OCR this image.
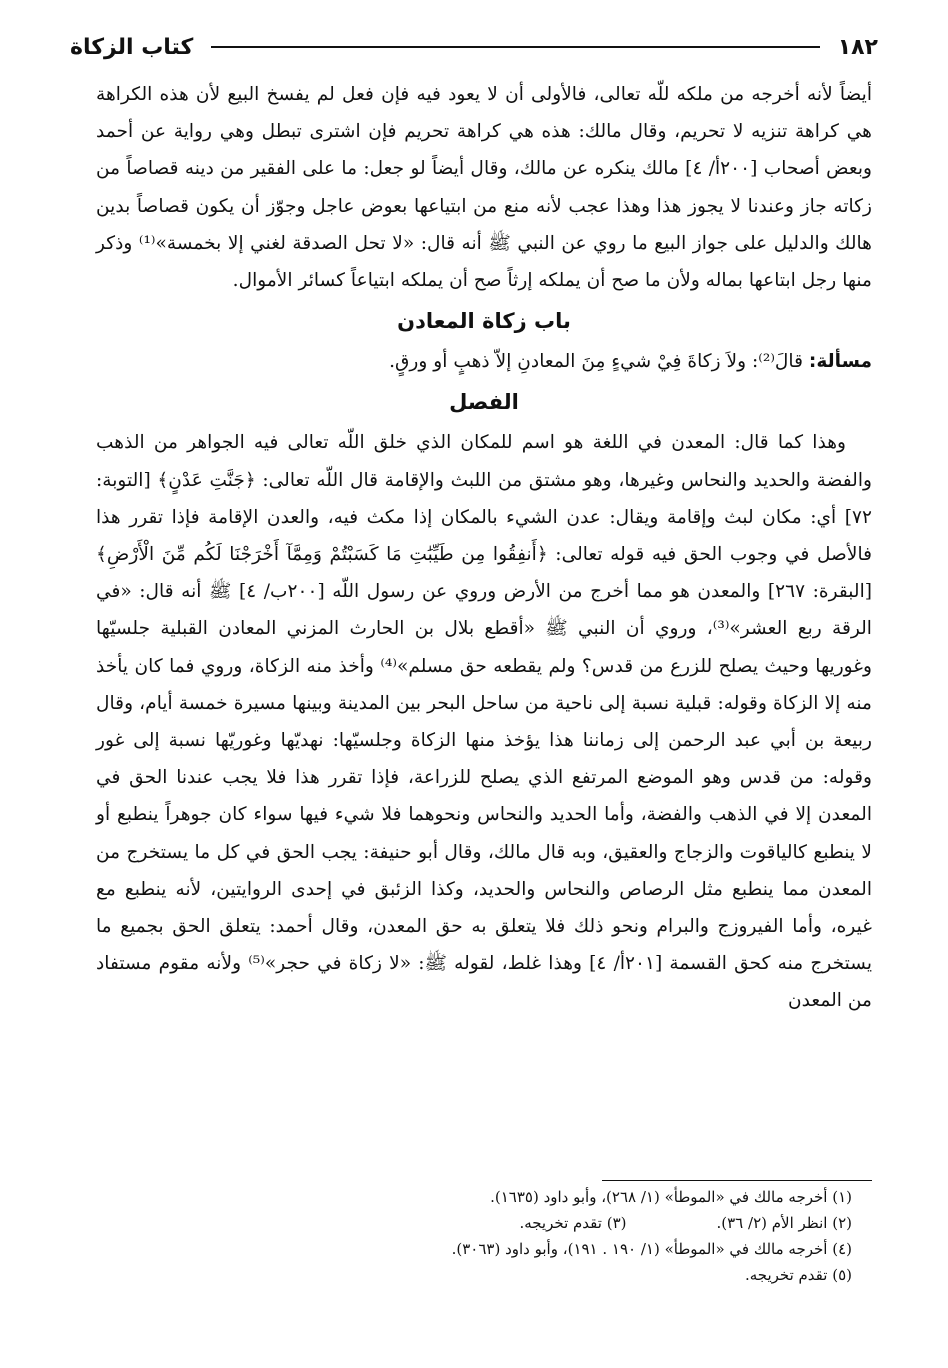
١٨٢
كتاب الزكاة

أيضاً لأنه أخرجه من ملكه للّه تعالى، فالأولى أن لا يعود فيه فإن فعل لم يفسخ البيع لأن هذه الكراهة هي كراهة تنزيه لا تحريم، وقال مالك: هذه هي كراهة تحريم فإن اشترى تبطل وهي رواية عن أحمد وبعض أصحاب [٢٠٠أ/ ٤] مالك ينكره عن مالك، وقال أيضاً لو جعل: ما على الفقير من دينه قصاصاً من زكاته جاز وعندنا لا يجوز هذا وهذا عجب لأنه منع من ابتياعها بعوض عاجل وجوّز أن يكون قصاصاً بدين هالك والدليل على جواز البيع ما روي عن النبي ﷺ أنه قال: «لا تحل الصدقة لغني إلا بخمسة»⁽¹⁾ وذكر منها رجل ابتاعها بماله ولأن ما صح أن يملكه إرثاً صح أن يملكه ابتياعاً كسائر الأموال.

باب زكاة المعادن

مسألة: قالَ⁽²⁾: ولاَ زكاةَ فِيْ شيءٍ مِنَ المعادنِ إلاّ ذهبٍ أو ورقٍ.

الفصل

وهذا كما قال: المعدن في اللغة هو اسم للمكان الذي خلق اللّه تعالى فيه الجواهر من الذهب والفضة والحديد والنحاس وغيرها، وهو مشتق من اللبث والإقامة قال اللّه تعالى: ﴿جَنَّتِ عَدْنٍ﴾ [التوبة: ٧٢] أي: مكان لبث وإقامة ويقال: عدن الشيء بالمكان إذا مكث فيه، والعدن الإقامة فإذا تقرر هذا فالأصل في وجوب الحق فيه قوله تعالى: ﴿أَنفِقُوا مِن طَيِّبَٰتِ مَا كَسَبْتُمْ وَمِمَّآ أَخْرَجْنَا لَكُم مِّنَ الْأَرْضِ﴾ [البقرة: ٢٦٧] والمعدن هو مما أخرج من الأرض وروي عن رسول اللّه [٢٠٠ب/ ٤] ﷺ أنه قال: «في الرقة ربع العشر»⁽³⁾، وروي أن النبي ﷺ «أقطع بلال بن الحارث المزني المعادن القبلية جلسيّها وغوريها وحيث يصلح للزرع من قدس؟ ولم يقطعه حق مسلم»⁽⁴⁾ وأخذ منه الزكاة، وروي فما كان يأخذ منه إلا الزكاة وقوله: قبلية نسبة إلى ناحية من ساحل البحر بين المدينة وبينها مسيرة خمسة أيام، وقال ربيعة بن أبي عبد الرحمن إلى زماننا هذا يؤخذ منها الزكاة وجلسيّها: نهديّها وغوريّها نسبة إلى غور وقوله: من قدس وهو الموضع المرتفع الذي يصلح للزراعة، فإذا تقرر هذا فلا يجب عندنا الحق في المعدن إلا في الذهب والفضة، وأما الحديد والنحاس ونحوهما فلا شيء فيها سواء كان جوهراً ينطبع أو لا ينطبع كالياقوت والزجاج والعقيق، وبه قال مالك، وقال أبو حنيفة: يجب الحق في كل ما يستخرج من المعدن مما ينطبع مثل الرصاص والنحاس والحديد، وكذا الزئبق في إحدى الروايتين، لأنه ينطبع مع غيره، وأما الفيروزج والبرام ونحو ذلك فلا يتعلق به حق المعدن، وقال أحمد: يتعلق الحق بجميع ما يستخرج منه كحق القسمة [٢٠١أ/ ٤] وهذا غلط، لقوله ﷺ: «لا زكاة في حجر»⁽⁵⁾ ولأنه مقوم مستفاد من المعدن

(١) أخرجه مالك في «الموطأ» (١/ ٢٦٨)، وأبو داود (١٦٣٥).

(٢) انظر الأم (٢/ ٣٦).
(٣) تقدم تخريجه.

(٤) أخرجه مالك في «الموطأ» (١/ ١٩٠ . ١٩١)، وأبو داود (٣٠٦٣).

(٥) تقدم تخريجه.
